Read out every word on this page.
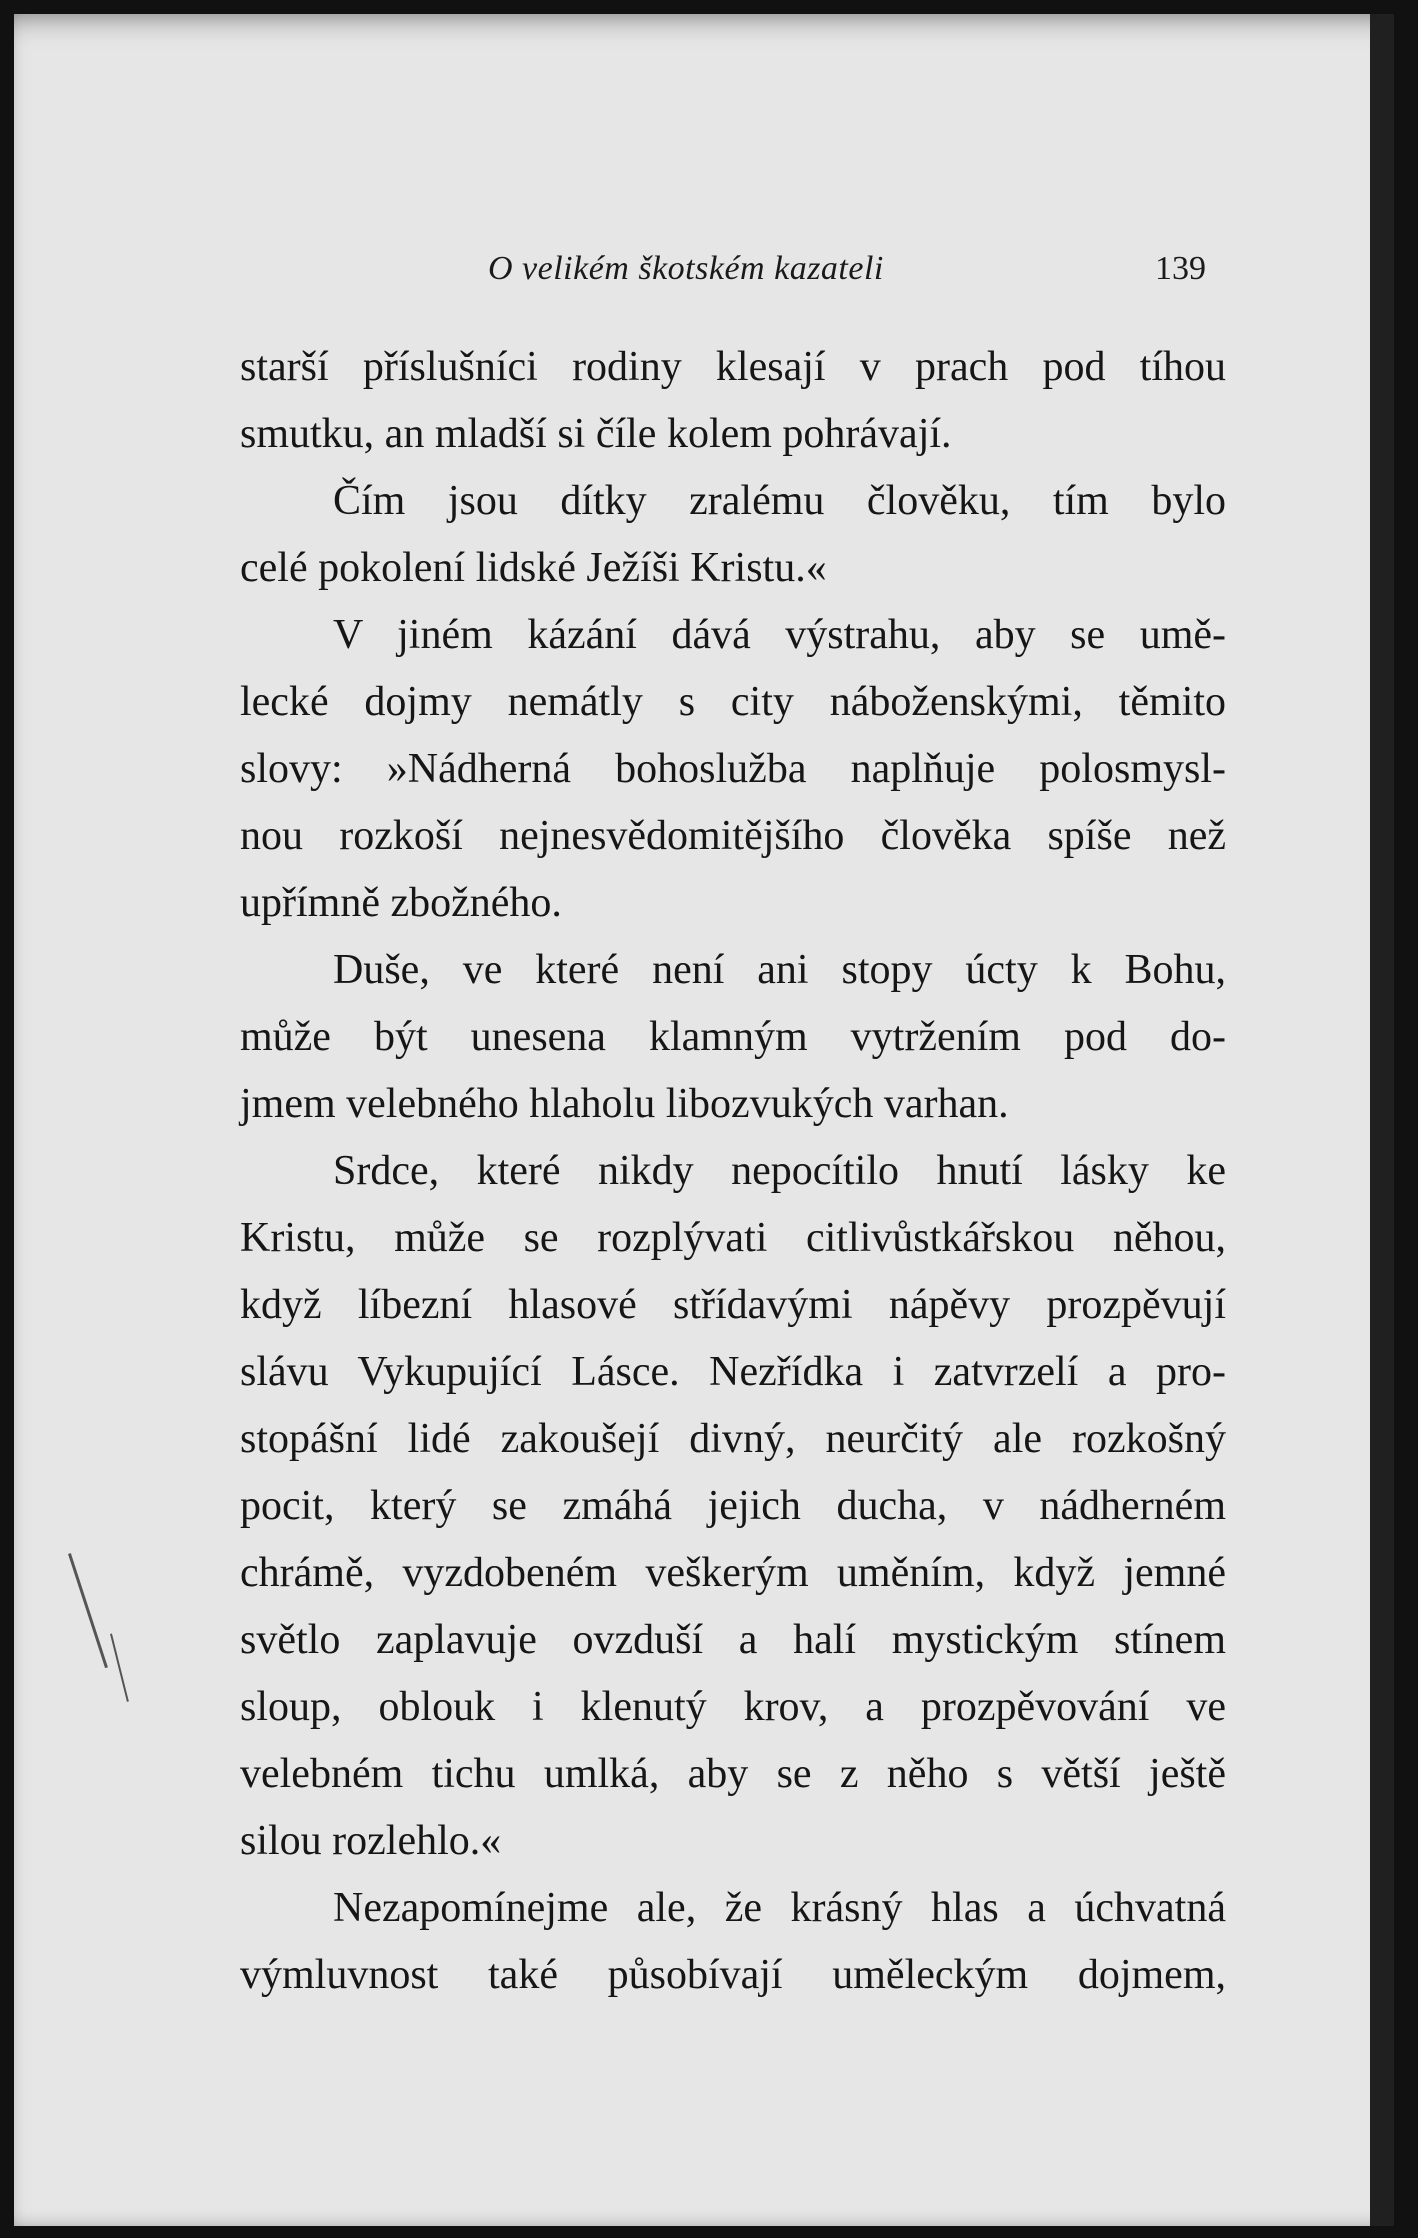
O velikém škotském kazateli	139
starší příslušníci rodiny klesají v prach pod tíhou
smutku, an mladší si číle kolem pohrávají.
Čím jsou dítky zralému člověku, tím bylo
celé pokolení lidské Ježíši Kristu.«
V jiném kázání dává výstrahu, aby se umě-
lecké dojmy nemátly s city náboženskými, těmito
slovy: »Nádherná bohoslužba naplňuje polosmysl-
nou rozkoší nejnesvědomitějšího člověka spíše než
upřímně zbožného.
Duše, ve které není ani stopy úcty k Bohu,
může být unesena klamným vytržením pod do-
jmem velebného hlaholu libozvukých varhan.
Srdce, které nikdy nepocítilo hnutí lásky ke
Kristu, může se rozplývati citlivůstkářskou něhou,
když líbezní hlasové střídavými nápěvy prozpěvují
slávu Vykupující Lásce. Nezřídka i zatvrzelí a pro-
stopášní lidé zakoušejí divný, neurčitý ale rozkošný
pocit, který se zmáhá jejich ducha, v nádherném
chrámě, vyzdobeném veškerým uměním, když jemné
světlo zaplavuje ovzduší a halí mystickým stínem
sloup, oblouk i klenutý krov, a prozpěvování ve
velebném tichu umlká, aby se z něho s větší ještě
silou rozlehlo.«
Nezapomínejme ale, že krásný hlas a úchvatná
výmluvnost také působívají uměleckým dojmem,
